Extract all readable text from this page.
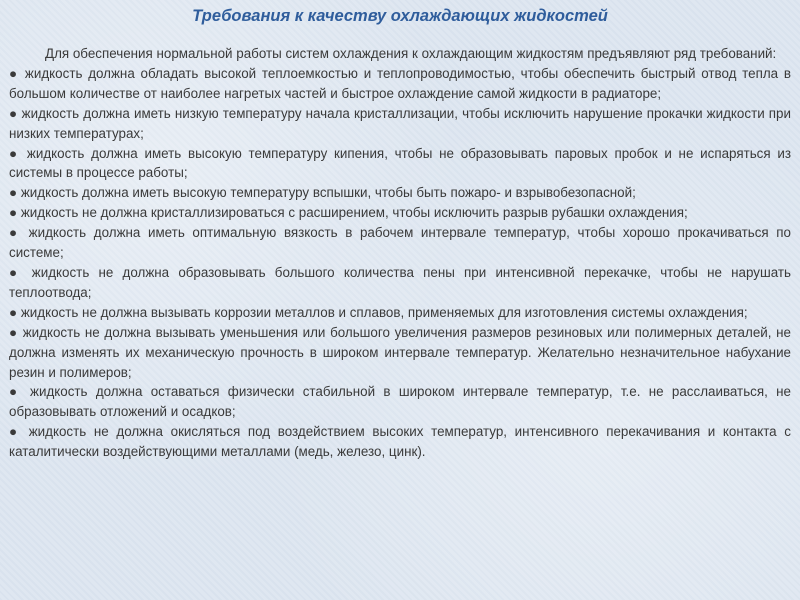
Требования к качеству охлаждающих жидкостей

Для обеспечения нормальной работы систем охлаждения к охлаждающим жидкостям предъявляют ряд требований:

● жидкость должна обладать высокой теплоемкостью и теплопроводимостью, чтобы обеспечить быстрый отвод тепла в большом количестве от наиболее нагретых частей и быстрое охлаждение самой жидкости в радиаторе;

● жидкость должна иметь низкую температуру начала кристаллизации, чтобы исключить нарушение прокачки жидкости при низких температурах;

● жидкость должна иметь высокую температуру кипения, чтобы не образовывать паровых пробок и не испаряться из системы в процессе работы;

● жидкость должна иметь высокую температуру вспышки, чтобы быть пожаро- и взрывобезопасной;

● жидкость не должна кристаллизироваться с расширением, чтобы исключить разрыв рубашки охлаждения;

● жидкость должна иметь оптимальную вязкость в рабочем интервале температур, чтобы хорошо прокачиваться по системе;

● жидкость не должна образовывать большого количества пены при интенсивной перекачке, чтобы не нарушать теплоотвода;

● жидкость не должна вызывать коррозии металлов и сплавов, применяемых для изготовления системы охлаждения;

● жидкость не должна вызывать уменьшения или большого увеличения размеров резиновых или полимерных деталей, не должна изменять их механическую прочность в широком интервале температур. Желательно незначительное набухание резин и полимеров;

● жидкость должна оставаться физически стабильной в широком интервале температур, т.е. не расслаиваться, не образовывать отложений и осадков;

● жидкость не должна окисляться под воздействием высоких температур, интенсивного перекачивания и контакта с каталитически воздействующими металлами (медь, железо, цинк).
